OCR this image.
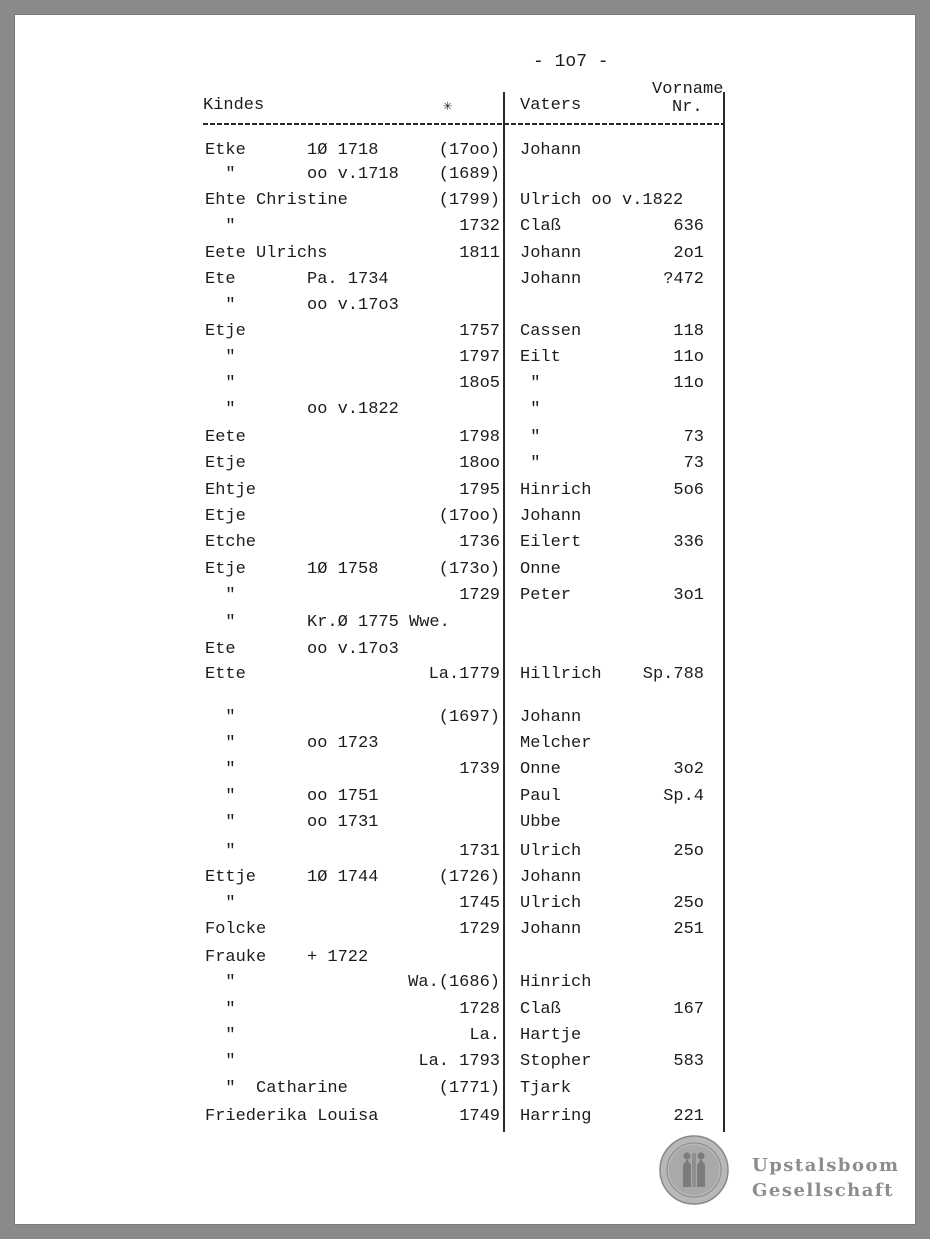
- 1o7 -
Kindes	✳	Vaters
Vorname
Nr.
Etke	1Ø 1718	(17oo) Johann
"	oo v.1718 (1689)
Ehte Christine	(1799) Ulrich oo v.1822
"	1732 Claß	636
Eete Ulrichs	1811 Johann	2o1
Ete	Pa. 1734	Johann	?472
"	oo v.17o3
Etje	1757 Cassen	118
"	1797 Eilt	11o
"	18o5 "	11o
"	oo v.1822	"
Eete	1798 "	73
Etje	18oo "	73
Ehtje	1795 Hinrich	5o6
Etje	(17oo) Johann
Etche	1736 Eilert	336
Etje	1Ø 1758	(173o) Onne
"	1729 Peter	3o1
"	Kr.Ø 1775 Wwe.
Ete	oo v.17o3
Ette	La.1779 Hillrich Sp.788
"	(1697) Johann
"	oo 1723	Melcher
"	1739 Onne	3o2
"	oo 1751	Paul	Sp.4
"	oo 1731	Ubbe
"	1731 Ulrich	25o
Ettje	1Ø 1744	(1726) Johann
"	1745 Ulrich	25o
Folcke	1729 Johann	251
Frauke + 1722
"	Wa.(1686) Hinrich
"	1728 Claß	167
"	La. Hartje
"	La. 1793 Stopher	583
"  Catharine	(1771) Tjark
Friederika Louisa	1749 Harring	221
Upstalsboom
Gesellschaft
